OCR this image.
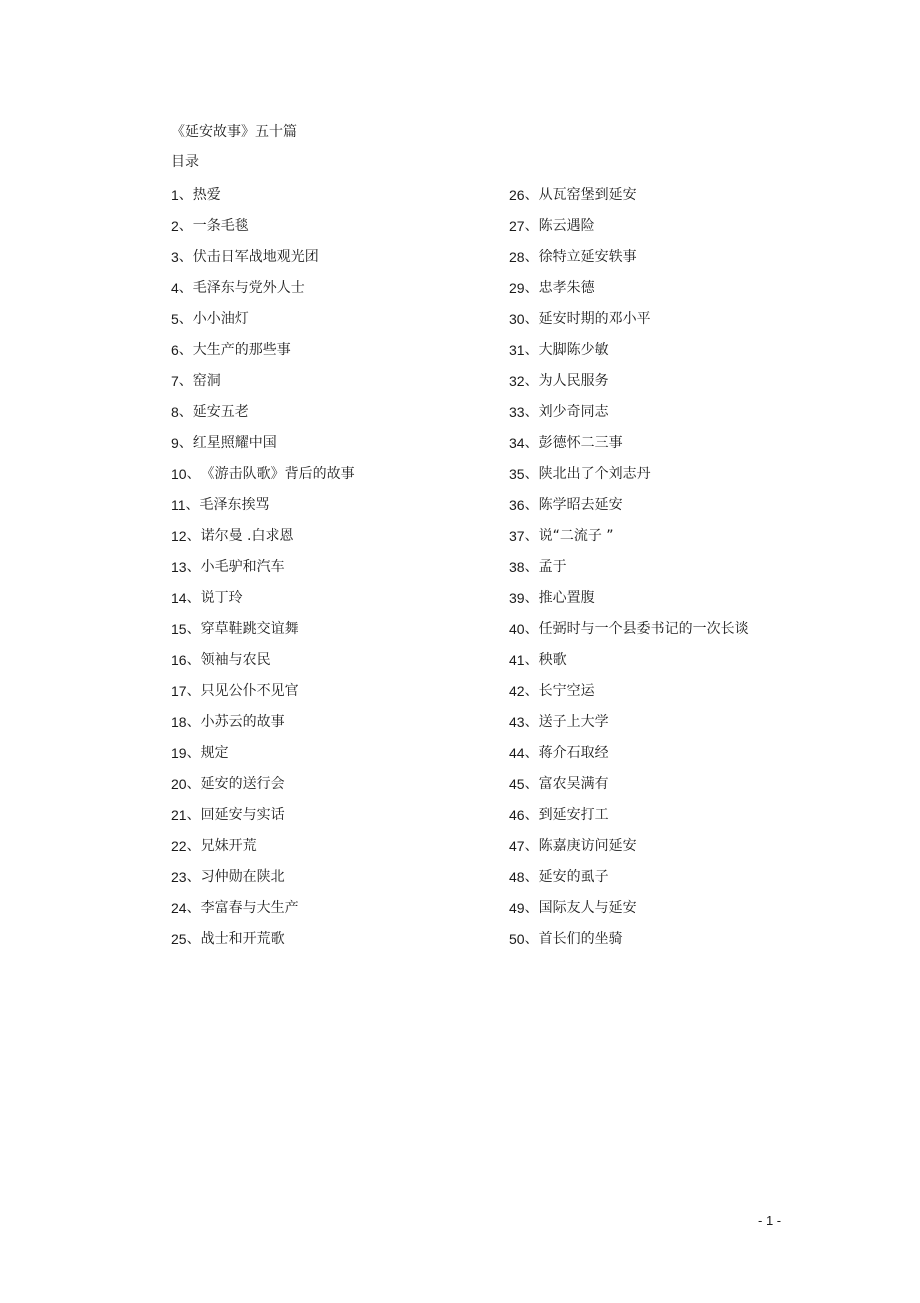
《延安故事》五十篇
目录
1 、 热爱
2 、 一条毛毯
3 、 伏击日军战地观光团
4 、 毛泽东与党外人士
5 、 小小油灯
6 、 大生产的那些事
7 、 窑洞
8 、 延安五老
9 、 红星照耀中国
10 、 《游击队歌》背后的故事
11 、 毛泽东挨骂
12 、 诺尔曼 .白求恩
13 、 小毛驴和汽车
14 、 说丁玲
15 、 穿草鞋跳交谊舞
16 、 领袖与农民
17 、 只见公仆不见官
18 、 小苏云的故事
19 、 规定
20 、 延安的送行会
21 、 回延安与实话
22 、 兄妹开荒
23 、 习仲勋在陕北
24 、 李富春与大生产
25 、 战士和开荒歌
26 、 从瓦窑堡到延安
27 、 陈云遇险
28 、 徐特立延安轶事
29 、 忠孝朱德
30 、 延安时期的邓小平
31 、 大脚陈少敏
32 、 为人民服务
33 、 刘少奇同志
34 、 彭德怀二三事
35 、 陕北出了个刘志丹
36 、 陈学昭去延安
37 、 说“二流子 ”
38 、 孟于
39 、 推心置腹
40 、 任弼时与一个县委书记的一次长谈
41 、 秧歌
42 、 长宁空运
43 、 送子上大学
44 、 蒋介石取经
45 、 富农吴满有
46 、 到延安打工
47 、 陈嘉庚访问延安
48 、 延安的虱子
49 、 国际友人与延安
50 、 首长们的坐骑
- 1 -
